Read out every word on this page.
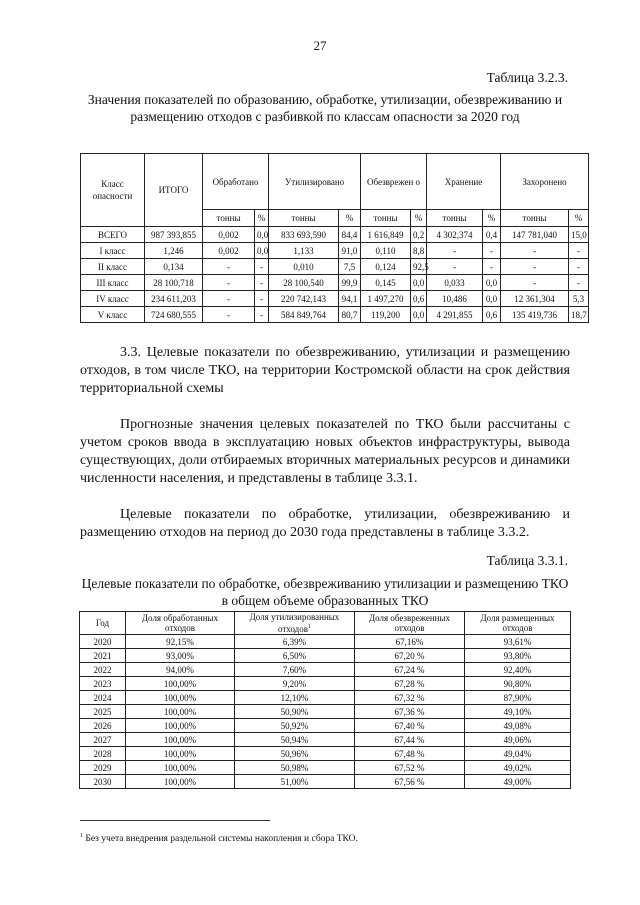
27
Таблица 3.2.3.
Значения показателей по образованию, обработке, утилизации, обезвреживанию и размещению отходов с разбивкой по классам опасности за 2020 год
Класс опасности	ИТОГО	Обработано		Утилизировано		Обезврежен о		Хранение		Захоронено	
		тонны	%	тонны	%	тонны	%	тонны	%	тонны	%
ВСЕГО	987 393,855	0,002	0,0	833 693,590	84,4	1 616,849	0,2	4 302,374	0,4	147 781,040	15,0
I класс	1,246	0,002	0,0	1,133	91,0	0,110	8,8	-	-	-	-
II класс	0,134	-	-	0,010	7,5	0,124	92,5	-	-	-	-
III класс	28 100,718	-	-	28 100,540	99,9	0,145	0,0	0,033	0,0	-	-
IV класс	234 611,203	-	-	220 742,143	94,1	1 497,270	0,6	10,486	0,0	12 361,304	5,3
V класс	724 680,555	-	-	584 849,764	80,7	119,200	0,0	4 291,855	0,6	135 419,736	18,7

3.3. Целевые показатели по обезвреживанию, утилизации и размещению отходов, в том числе ТКО, на территории Костромской области на срок действия территориальной схемы

Прогнозные значения целевых показателей по ТКО были рассчитаны с учетом сроков ввода в эксплуатацию новых объектов инфраструктуры, вывода существующих, доли отбираемых вторичных материальных ресурсов и динамики численности населения, и представлены в таблице 3.3.1.

Целевые показатели по обработке, утилизации, обезвреживанию и размещению отходов на период до 2030 года представлены в таблице 3.3.2.

Таблица 3.3.1.
Целевые показатели по обработке, обезвреживанию утилизации и размещению ТКО в общем объеме образованных ТКО
Год	Доля обработанных отходов	Доля утилизированных отходов$^1$	Доля обезвреженных отходов	Доля размещенных отходов
2020	92,15%	6,39%	67,16%	93,61%
2021	93,00%	6,50%	67,20 %	93,80%
2022	94,00%	7,60%	67,24 %	92,40%
2023	100,00%	9,20%	67,28 %	90,80%
2024	100,00%	12,10%	67,32 %	87,90%
2025	100,00%	50,90%	67,36 %	49,10%
2026	100,00%	50,92%	67,40 %	49,08%
2027	100,00%	50,94%	67,44 %	49,06%
2028	100,00%	50,96%	67,48 %	49,04%
2029	100,00%	50,98%	67,52 %	49,02%
2030	100,00%	51,00%	67,56 %	49,00%
$^1$ Без учета внедрения раздельной системы накопления и сбора ТКО.
